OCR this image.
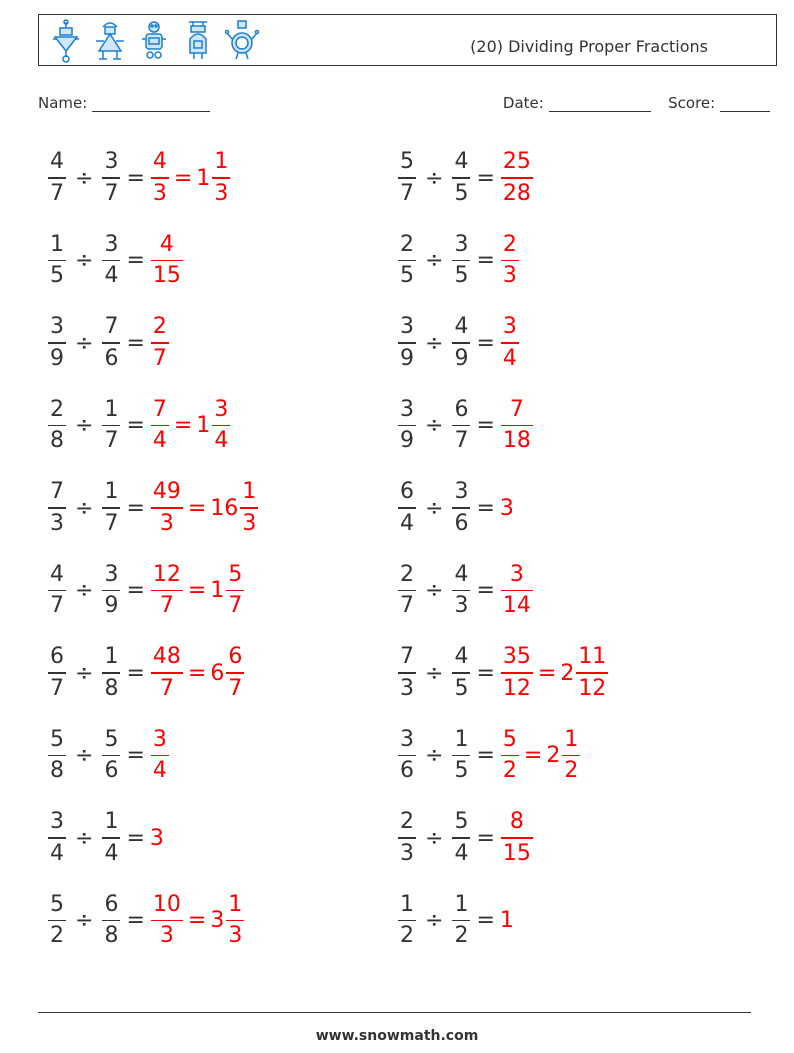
(20) Dividing Proper Fractions
Name:	Date:	Score:
$\frac{4}{7} \div \frac{3}{7} = \frac{4}{3} = 1 \frac{1}{3}$	$\frac{5}{7} \div \frac{4}{5} = \frac{25}{28}$
$\frac{1}{5} \div \frac{3}{4} = \frac{4}{15}$	$\frac{2}{5} \div \frac{3}{5} = \frac{2}{3}$
$\frac{3}{9} \div \frac{7}{6} = \frac{2}{7}$	$\frac{3}{9} \div \frac{4}{9} = \frac{3}{4}$
$\frac{2}{8} \div \frac{1}{7} = \frac{7}{4} = 1 \frac{3}{4}$	$\frac{3}{9} \div \frac{6}{7} = \frac{7}{18}$
$\frac{7}{3} \div \frac{1}{7} = \frac{49}{3} = 16 \frac{1}{3}$	$\frac{6}{4} \div \frac{3}{6} = 3$
$\frac{4}{7} \div \frac{3}{9} = \frac{12}{7} = 1 \frac{5}{7}$	$\frac{2}{7} \div \frac{4}{3} = \frac{3}{14}$
$\frac{6}{7} \div \frac{1}{8} = \frac{48}{7} = 6 \frac{6}{7}$	$\frac{7}{3} \div \frac{4}{5} = \frac{35}{12} = 2 \frac{11}{12}$
$\frac{5}{8} \div \frac{5}{6} = \frac{3}{4}$	$\frac{3}{6} \div \frac{1}{5} = \frac{5}{2} = 2 \frac{1}{2}$
$\frac{3}{4} \div \frac{1}{4} = 3$	$\frac{2}{3} \div \frac{5}{4} = \frac{8}{15}$
$\frac{5}{2} \div \frac{6}{8} = \frac{10}{3} = 3 \frac{1}{3}$	$\frac{1}{2} \div \frac{1}{2} = 1$
www.snowmath.com
